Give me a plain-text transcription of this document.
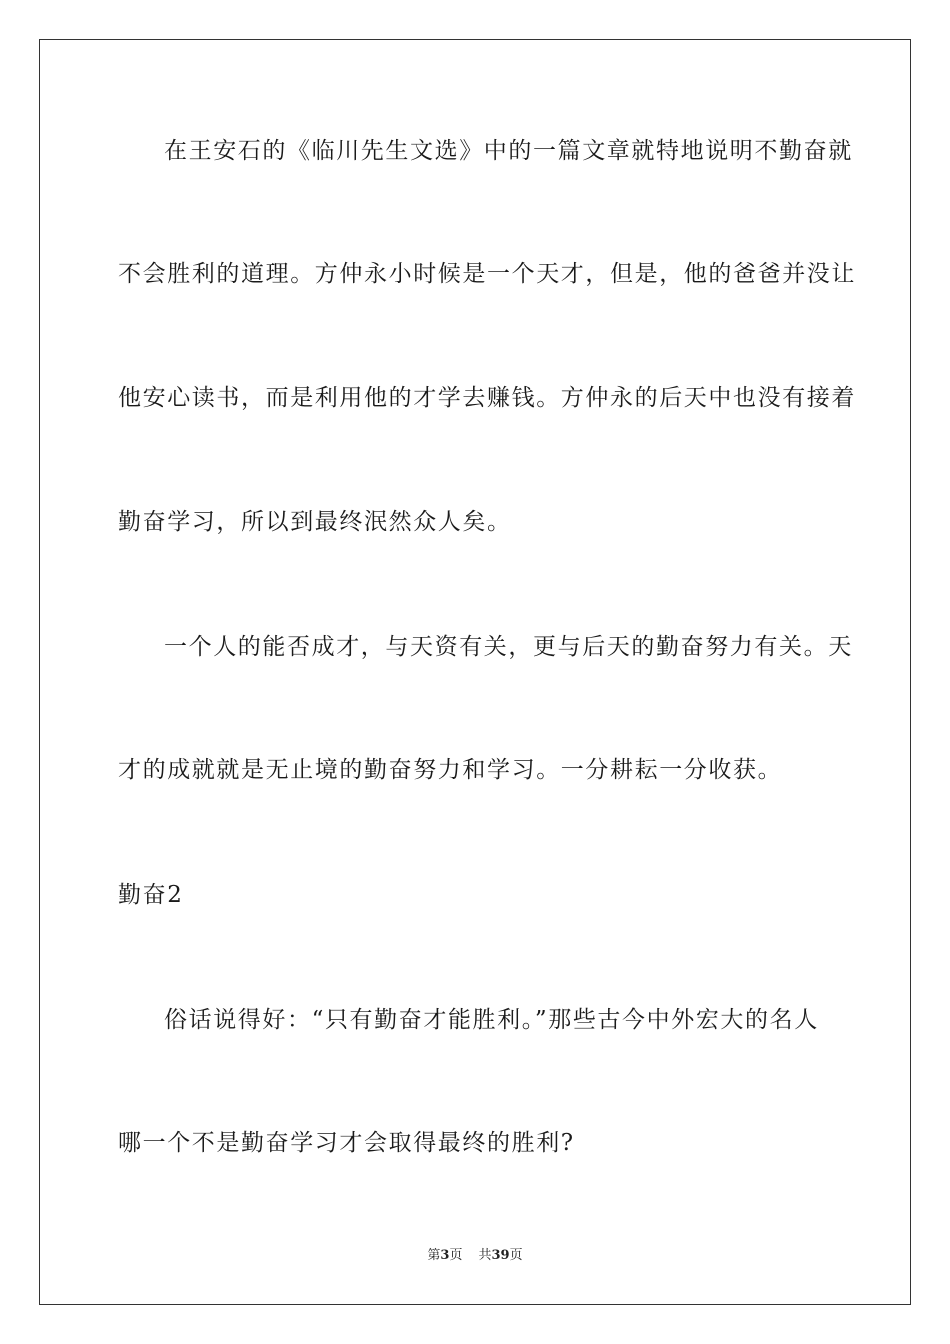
在王安石的《临川先生文选》中的一篇文章就特地说明不勤奋就
不会胜利的道理。方仲永小时候是一个天才，但是，他的爸爸并没让
他安心读书，而是利用他的才学去赚钱。方仲永的后天中也没有接着
勤奋学习，所以到最终泯然众人矣。
一个人的能否成才，与天资有关，更与后天的勤奋努力有关。天
才的成就就是无止境的勤奋努力和学习。一分耕耘一分收获。
勤奋2
俗话说得好：“只有勤奋才能胜利。”那些古今中外宏大的名人
哪一个不是勤奋学习才会取得最终的胜利?
第3页 共39页
